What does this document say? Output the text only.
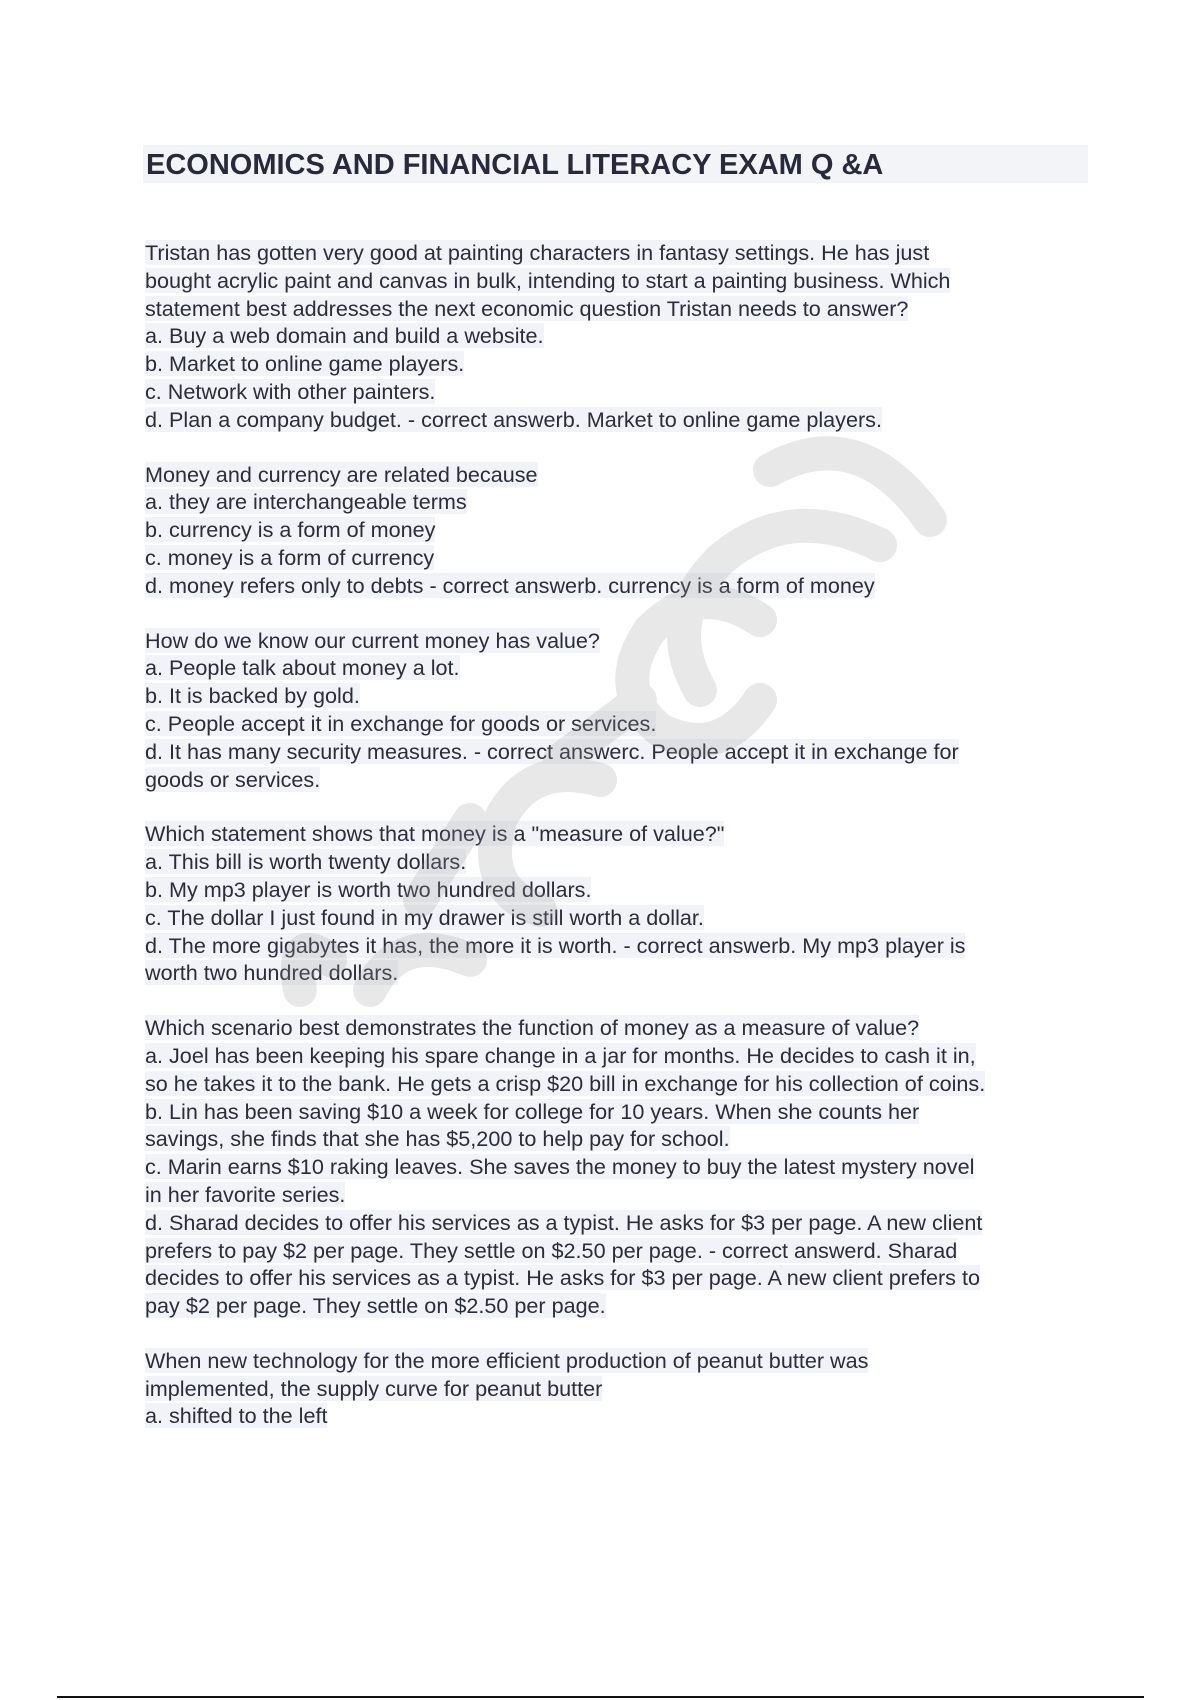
ECONOMICS AND FINANCIAL LITERACY EXAM Q &A
Tristan has gotten very good at painting characters in fantasy settings. He has just
bought acrylic paint and canvas in bulk, intending to start a painting business. Which
statement best addresses the next economic question Tristan needs to answer?
a. Buy a web domain and build a website.
b. Market to online game players.
c. Network with other painters.
d. Plan a company budget. - correct answerb. Market to online game players.
Money and currency are related because
a. they are interchangeable terms
b. currency is a form of money
c. money is a form of currency
d. money refers only to debts - correct answerb. currency is a form of money
How do we know our current money has value?
a. People talk about money a lot.
b. It is backed by gold.
c. People accept it in exchange for goods or services.
d. It has many security measures. - correct answerc. People accept it in exchange for
goods or services.
Which statement shows that money is a "measure of value?"
a. This bill is worth twenty dollars.
b. My mp3 player is worth two hundred dollars.
c. The dollar I just found in my drawer is still worth a dollar.
d. The more gigabytes it has, the more it is worth. - correct answerb. My mp3 player is
worth two hundred dollars.
Which scenario best demonstrates the function of money as a measure of value?
a. Joel has been keeping his spare change in a jar for months. He decides to cash it in,
so he takes it to the bank. He gets a crisp $20 bill in exchange for his collection of coins.
b. Lin has been saving $10 a week for college for 10 years. When she counts her
savings, she finds that she has $5,200 to help pay for school.
c. Marin earns $10 raking leaves. She saves the money to buy the latest mystery novel
in her favorite series.
d. Sharad decides to offer his services as a typist. He asks for $3 per page. A new client
prefers to pay $2 per page. They settle on $2.50 per page. - correct answerd. Sharad
decides to offer his services as a typist. He asks for $3 per page. A new client prefers to
pay $2 per page. They settle on $2.50 per page.
When new technology for the more efficient production of peanut butter was
implemented, the supply curve for peanut butter
a. shifted to the left
